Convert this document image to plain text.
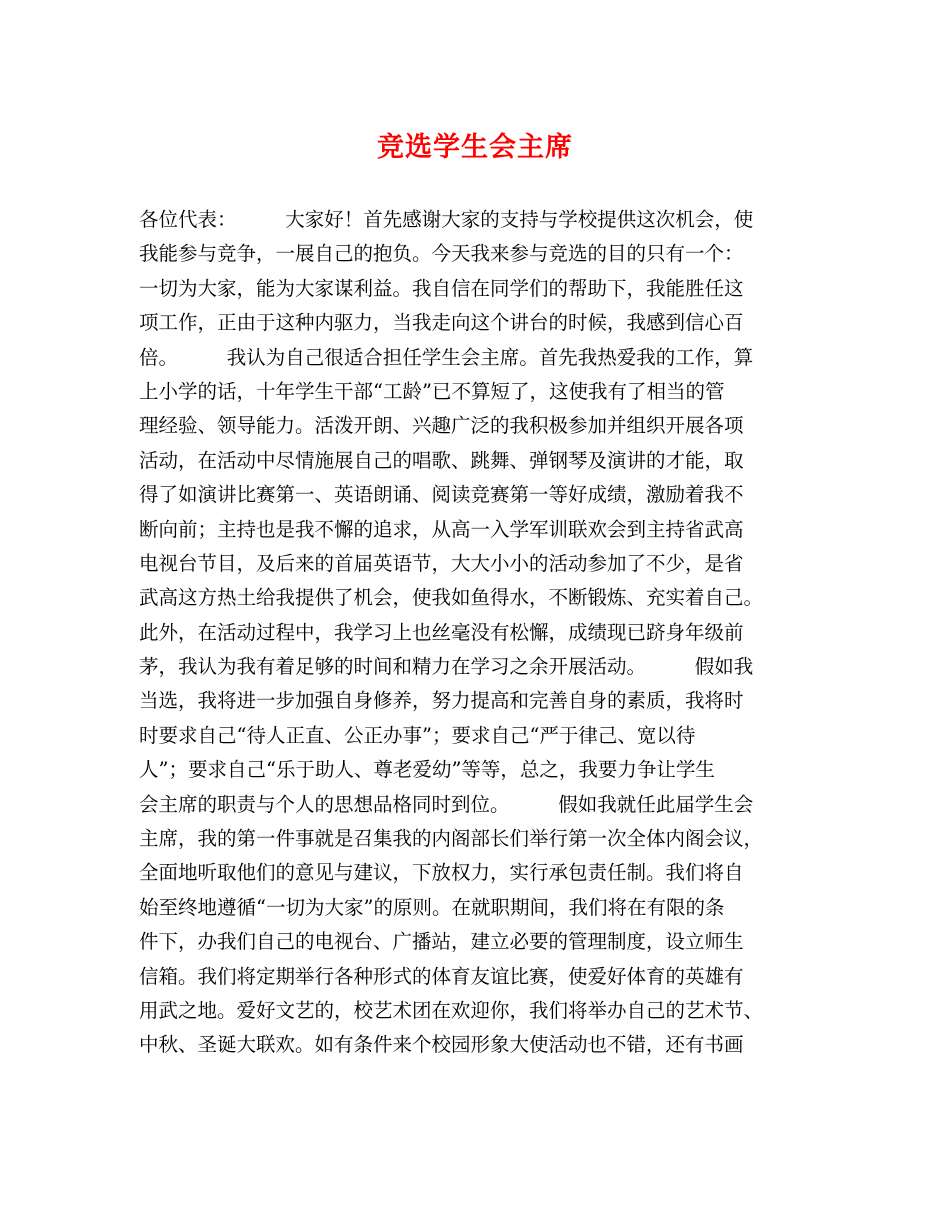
竞选学生会主席
各位代表：　　　大家好！首先感谢大家的支持与学校提供这次机会，使
我能参与竞争，一展自己的抱负。今天我来参与竞选的目的只有一个：
一切为大家，能为大家谋利益。我自信在同学们的帮助下，我能胜任这
项工作，正由于这种内驱力，当我走向这个讲台的时候，我感到信心百
倍。　　　我认为自己很适合担任学生会主席。首先我热爱我的工作，算
上小学的话，十年学生干部“工龄”已不算短了，这使我有了相当的管
理经验、领导能力。活泼开朗、兴趣广泛的我积极参加并组织开展各项
活动，在活动中尽情施展自己的唱歌、跳舞、弹钢琴及演讲的才能，取
得了如演讲比赛第一、英语朗诵、阅读竞赛第一等好成绩，激励着我不
断向前；主持也是我不懈的追求，从高一入学军训联欢会到主持省武高
电视台节目，及后来的首届英语节，大大小小的活动参加了不少，是省
武高这方热土给我提供了机会，使我如鱼得水，不断锻炼、充实着自己。
此外，在活动过程中，我学习上也丝毫没有松懈，成绩现已跻身年级前
茅，我认为我有着足够的时间和精力在学习之余开展活动。　　　假如我
当选，我将进一步加强自身修养，努力提高和完善自身的素质，我将时
时要求自己“待人正直、公正办事”；要求自己“严于律己、宽以待
人”；要求自己“乐于助人、尊老爱幼”等等，总之，我要力争让学生
会主席的职责与个人的思想品格同时到位。　　　假如我就任此届学生会
主席，我的第一件事就是召集我的内阁部长们举行第一次全体内阁会议，
全面地听取他们的意见与建议，下放权力，实行承包责任制。我们将自
始至终地遵循“一切为大家”的原则。在就职期间，我们将在有限的条
件下，办我们自己的电视台、广播站，建立必要的管理制度，设立师生
信箱。我们将定期举行各种形式的体育友谊比赛，使爱好体育的英雄有
用武之地。爱好文艺的，校艺术团在欢迎你，我们将举办自己的艺术节、
中秋、圣诞大联欢。如有条件来个校园形象大使活动也不错，还有书画
